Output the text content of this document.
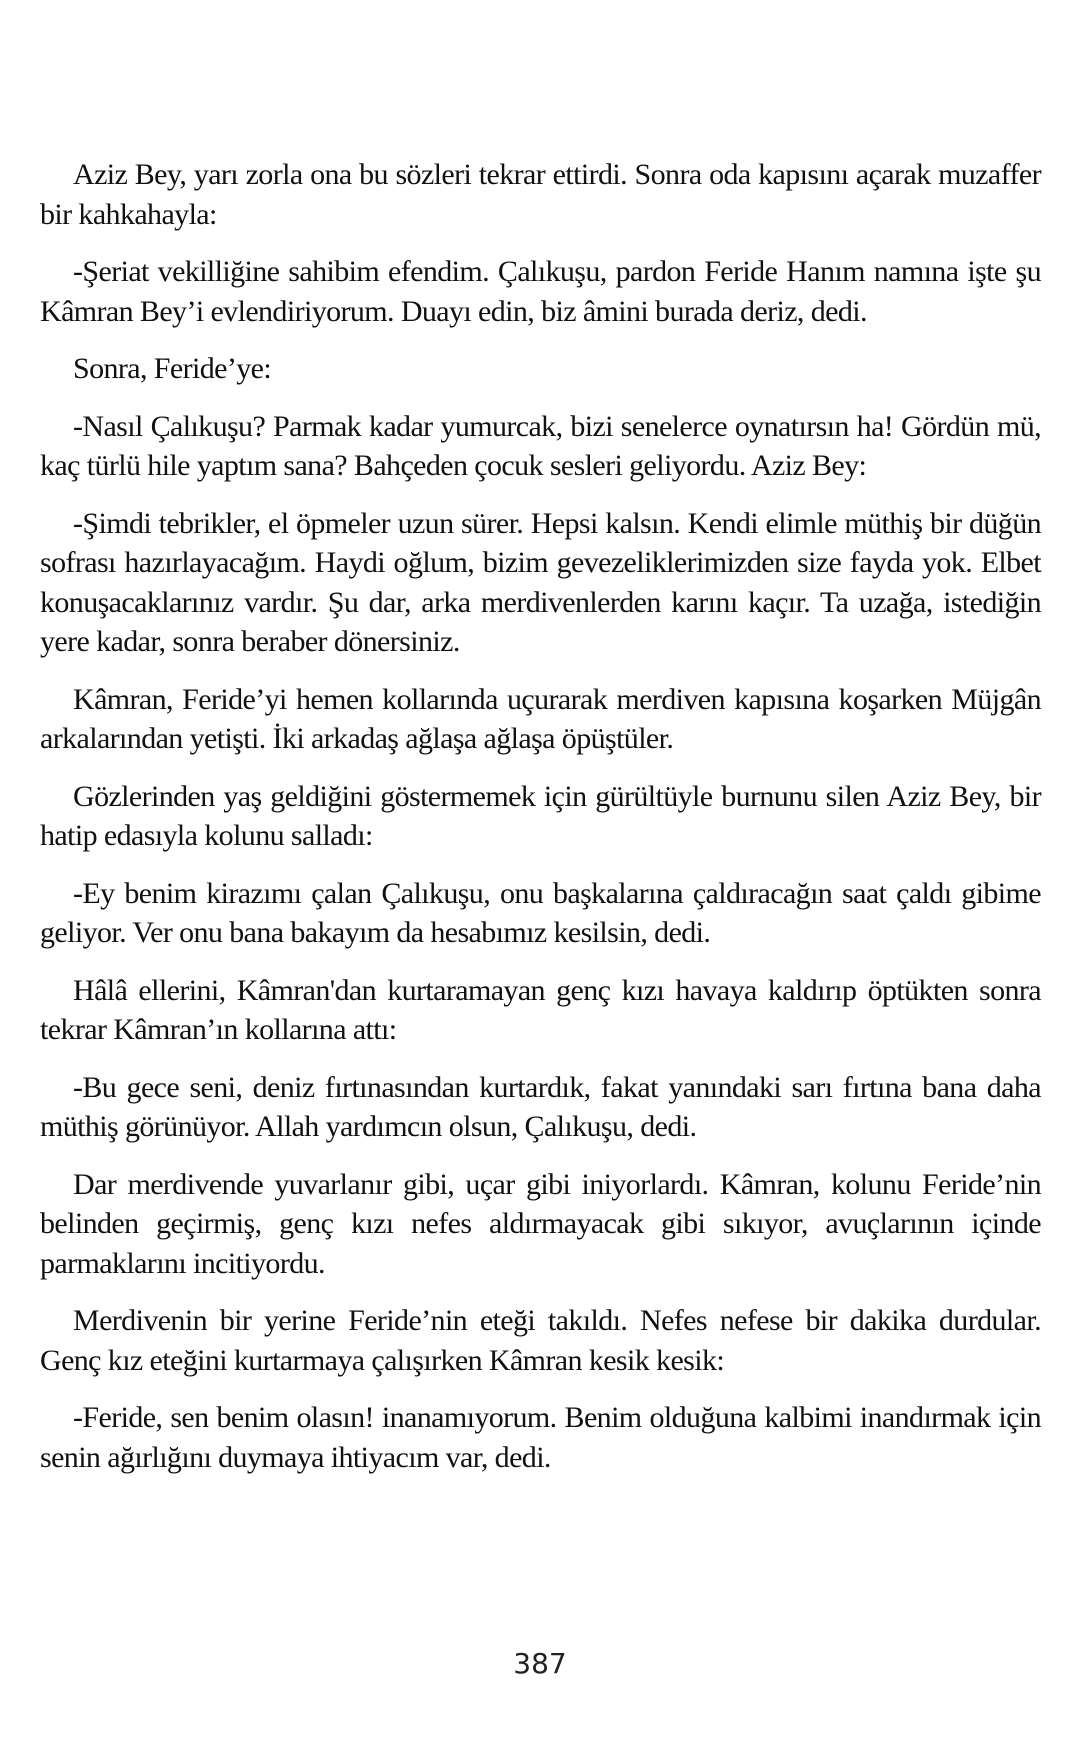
Aziz Bey, yarı zorla ona bu sözleri tekrar ettirdi. Sonra oda kapısını açarak muzaffer bir kahkahayla:

-Şeriat vekilliğine sahibim efendim. Çalıkuşu, pardon Feride Hanım namına işte şu Kâmran Bey’i evlendiriyorum. Duayı edin, biz âmini burada deriz, dedi.

Sonra, Feride’ye:

-Nasıl Çalıkuşu? Parmak kadar yumurcak, bizi senelerce oynatırsın ha! Gördün mü, kaç türlü hile yaptım sana? Bahçeden çocuk sesleri geliyordu. Aziz Bey:

-Şimdi tebrikler, el öpmeler uzun sürer. Hepsi kalsın. Kendi elimle müthiş bir düğün sofrası hazırlayacağım. Haydi oğlum, bizim gevezeliklerimizden size fayda yok. Elbet konuşacaklarınız vardır. Şu dar, arka merdivenlerden karını kaçır. Ta uzağa, istediğin yere kadar, sonra beraber dönersiniz.

Kâmran, Feride’yi hemen kollarında uçurarak merdiven kapısına koşarken Müjgân arkalarından yetişti. İki arkadaş ağlaşa ağlaşa öpüştüler.

Gözlerinden yaş geldiğini göstermemek için gürültüyle burnunu silen Aziz Bey, bir hatip edasıyla kolunu salladı:

-Ey benim kirazımı çalan Çalıkuşu, onu başkalarına çaldıracağın saat çaldı gibime geliyor. Ver onu bana bakayım da hesabımız kesilsin, dedi.

Hâlâ ellerini, Kâmran'dan kurtaramayan genç kızı havaya kaldırıp öptükten sonra tekrar Kâmran’ın kollarına attı:

-Bu gece seni, deniz fırtınasından kurtardık, fakat yanındaki sarı fırtına bana daha müthiş görünüyor. Allah yardımcın olsun, Çalıkuşu, dedi.

Dar merdivende yuvarlanır gibi, uçar gibi iniyorlardı. Kâmran, kolunu Feride’nin belinden geçirmiş, genç kızı nefes aldırmayacak gibi sıkıyor, avuçlarının içinde parmaklarını incitiyordu.

Merdivenin bir yerine Feride’nin eteği takıldı. Nefes nefese bir dakika durdular. Genç kız eteğini kurtarmaya çalışırken Kâmran kesik kesik:

-Feride, sen benim olasın! inanamıyorum. Benim olduğuna kalbimi inandırmak için senin ağırlığını duymaya ihtiyacım var, dedi.

387
